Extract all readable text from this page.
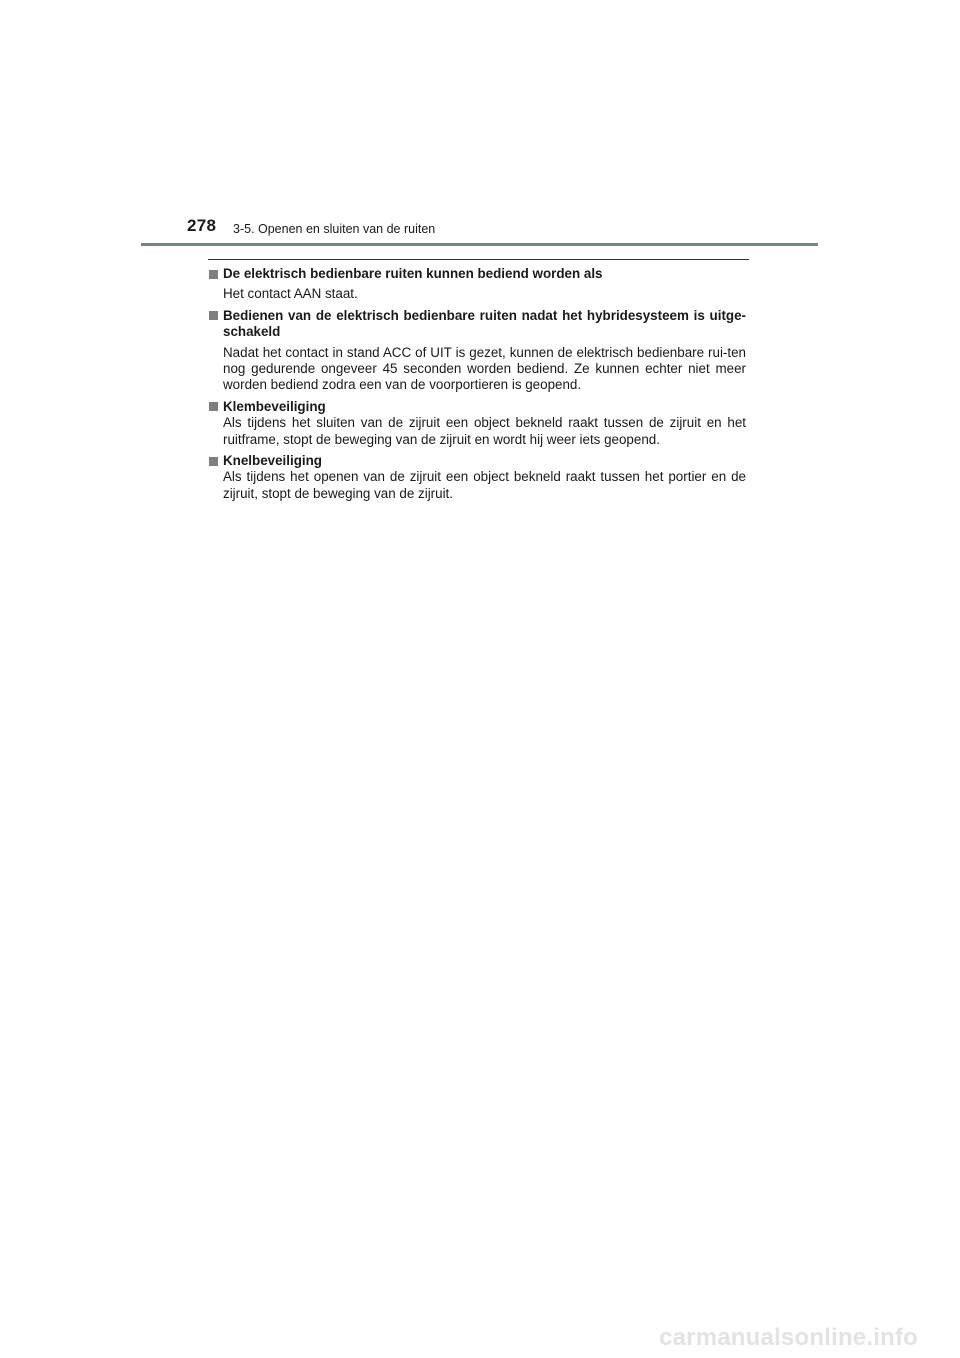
278 3-5. Openen en sluiten van de ruiten
De elektrisch bedienbare ruiten kunnen bediend worden als
Het contact AAN staat.
Bedienen van de elektrisch bedienbare ruiten nadat het hybridesysteem is uitge-schakeld
Nadat het contact in stand ACC of UIT is gezet, kunnen de elektrisch bedienbare rui-ten nog gedurende ongeveer 45 seconden worden bediend. Ze kunnen echter niet meer worden bediend zodra een van de voorportieren is geopend.
Klembeveiliging
Als tijdens het sluiten van de zijruit een object bekneld raakt tussen de zijruit en het ruitframe, stopt de beweging van de zijruit en wordt hij weer iets geopend.
Knelbeveiliging
Als tijdens het openen van de zijruit een object bekneld raakt tussen het portier en de zijruit, stopt de beweging van de zijruit.
carmanualsonline.info
